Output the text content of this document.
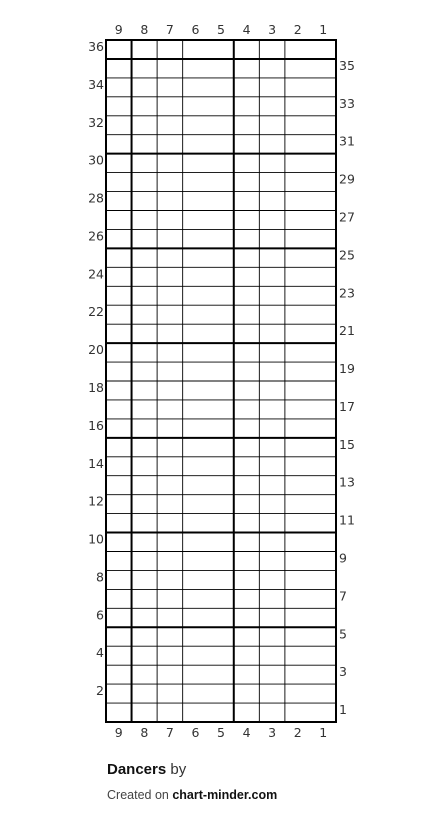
9
9
8
8
7
7
6
6
5
5
4
4
3
3
2
2
1
1
36
34
32
30
28
26
24
22
20
18
16
14
12
10
8
6
4
2
35
33
31
29
27
25
23
21
19
17
15
13
11
9
7
5
3
1
Dancers by
Created on chart-minder.com
